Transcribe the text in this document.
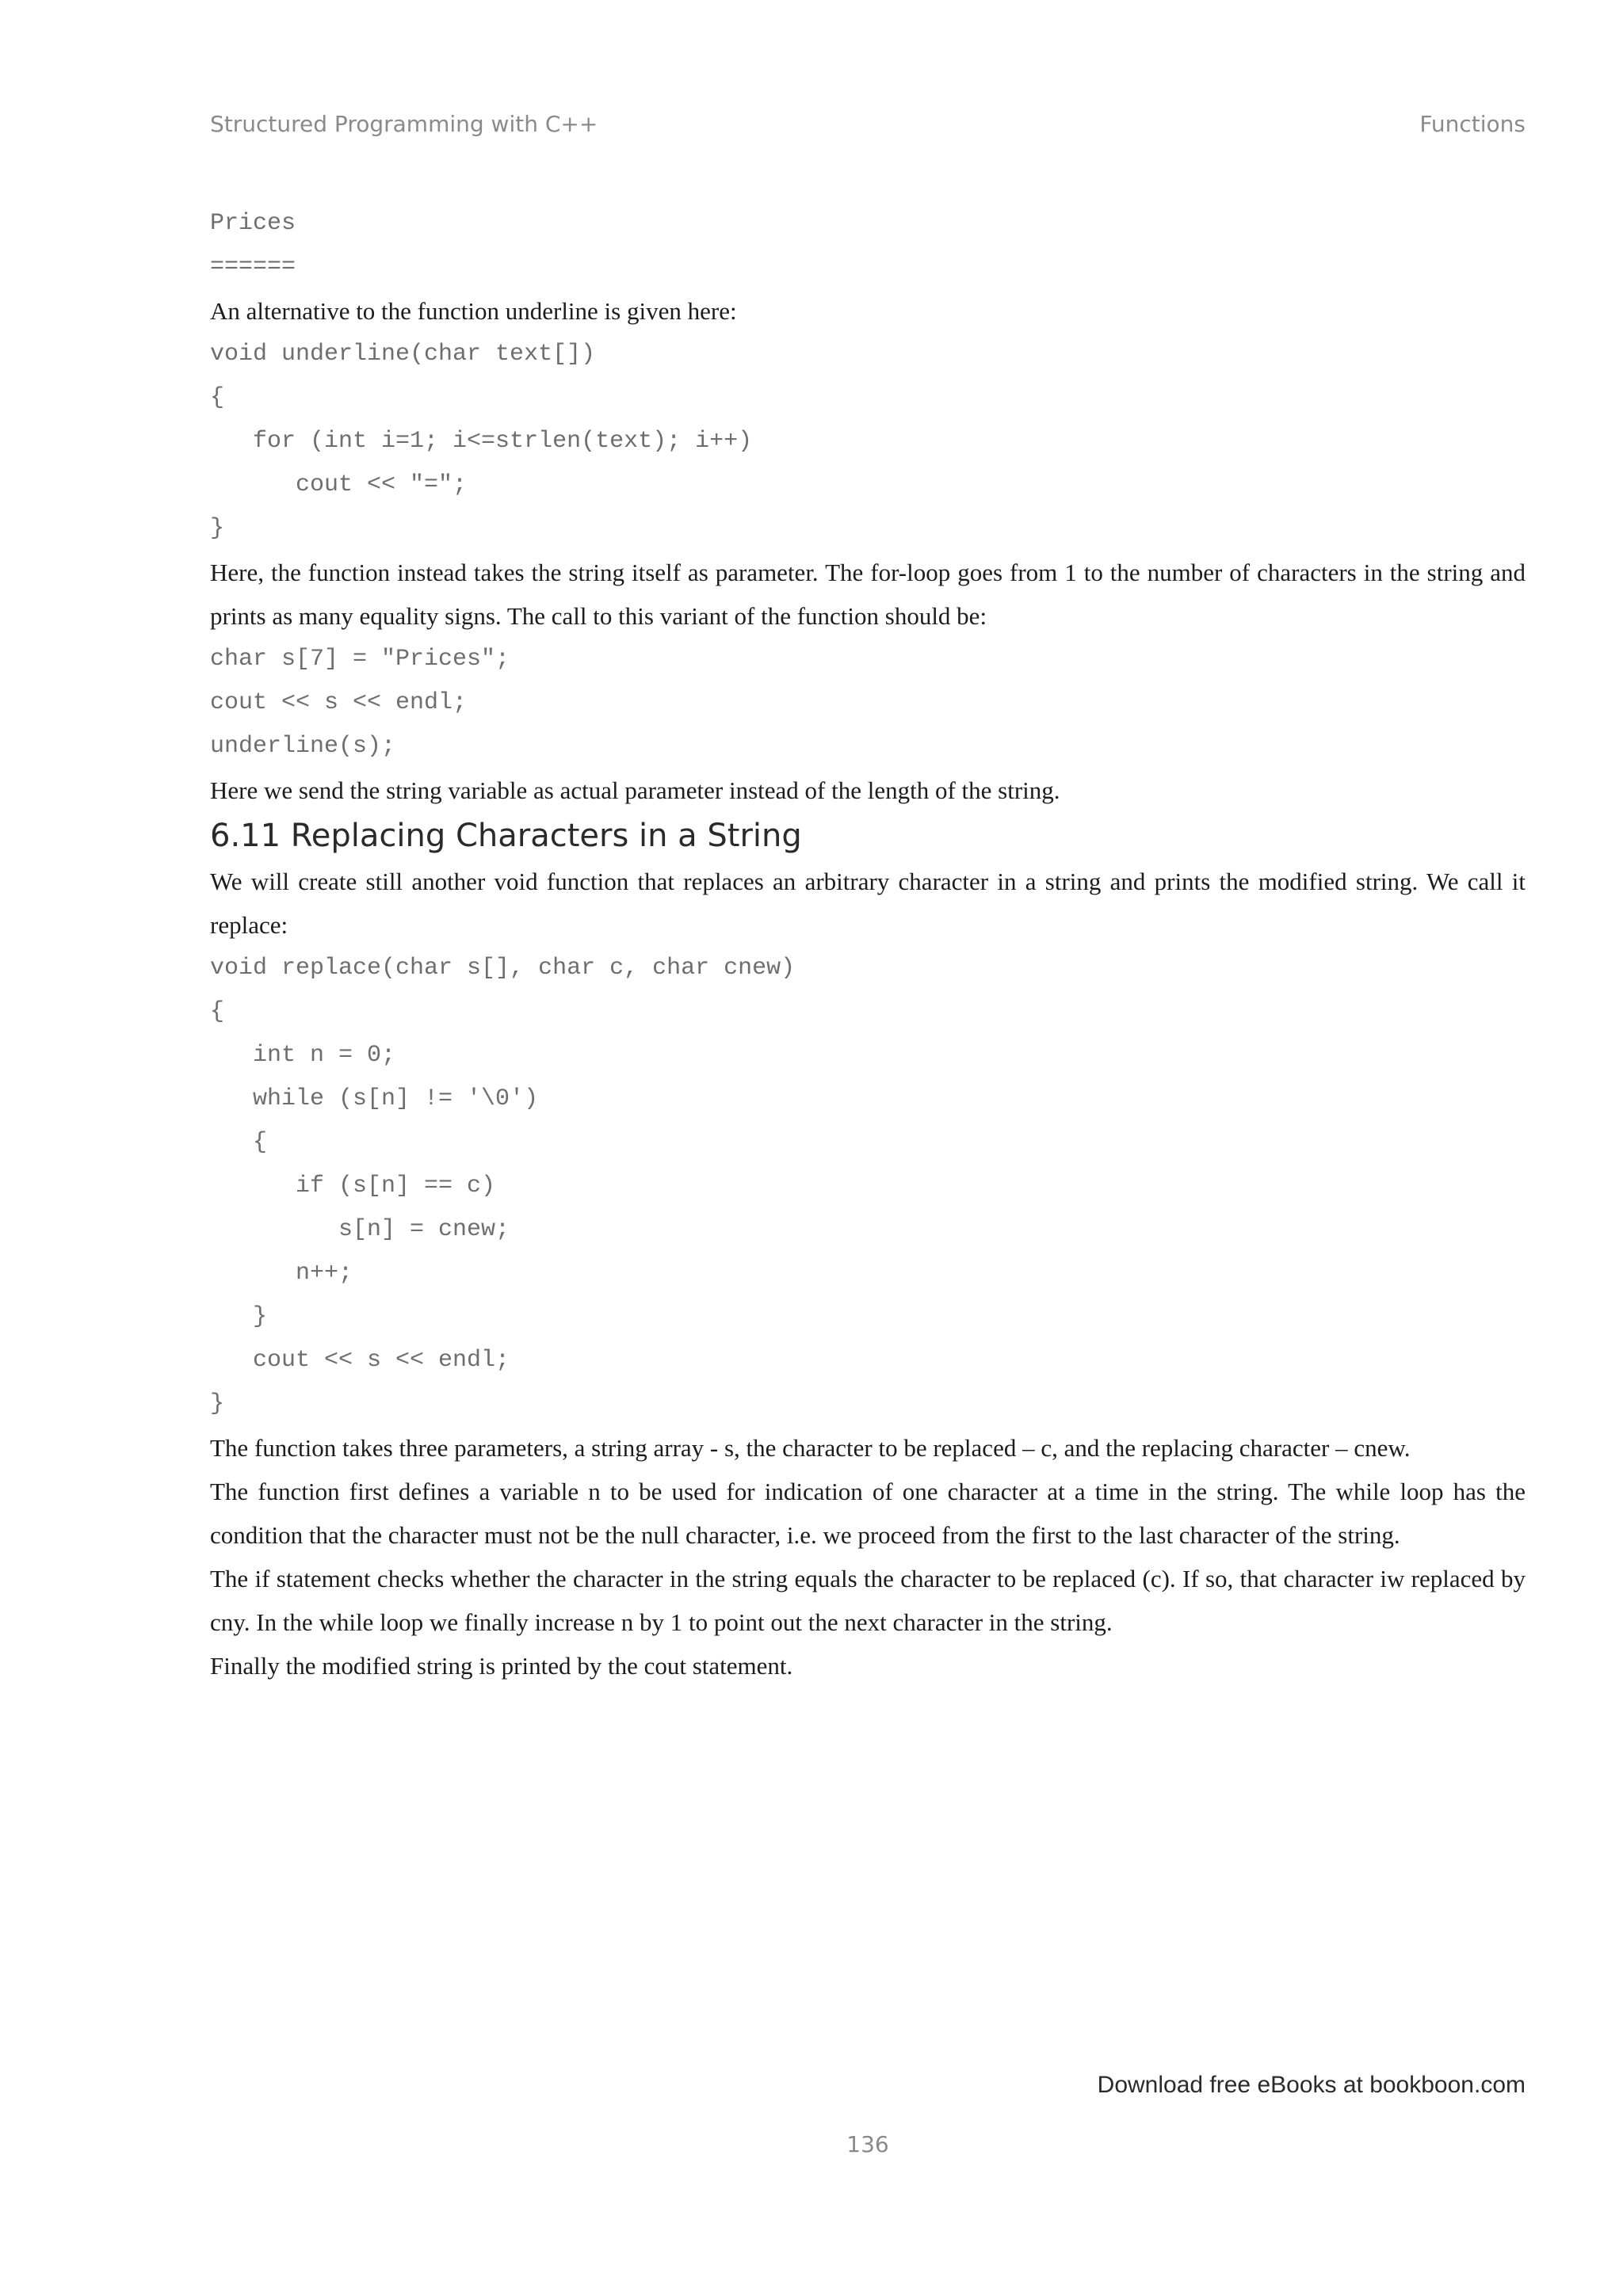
Structured Programming with C++	Functions
Prices
======

An alternative to the function underline is given here:

void underline(char text[])
{
for (int i=1; i<=strlen(text); i++)
cout << "=";
}

Here, the function instead takes the string itself as parameter. The for-loop goes from 1 to the number of characters in the string and prints as many equality signs. The call to this variant of the function should be:

char s[7] = "Prices";
cout << s << endl;
underline(s);

Here we send the string variable as actual parameter instead of the length of the string.

6.11 Replacing Characters in a String

We will create still another void function that replaces an arbitrary character in a string and prints the modified string. We call it replace:

void replace(char s[], char c, char cnew)
{
int n = 0;
while (s[n] != '\0')
{
if (s[n] == c)
s[n] = cnew;
n++;
}
cout << s << endl;
}

The function takes three parameters, a string array - s, the character to be replaced – c, and the replacing character – cnew.

The function first defines a variable n to be used for indication of one character at a time in the string. The while loop has the condition that the character must not be the null character, i.e. we proceed from the first to the last character of the string.

The if statement checks whether the character in the string equals the character to be replaced (c). If so, that character iw replaced by cny. In the while loop we finally increase n by 1 to point out the next character in the string.

Finally the modified string is printed by the cout statement.

Download free eBooks at bookboon.com
136
